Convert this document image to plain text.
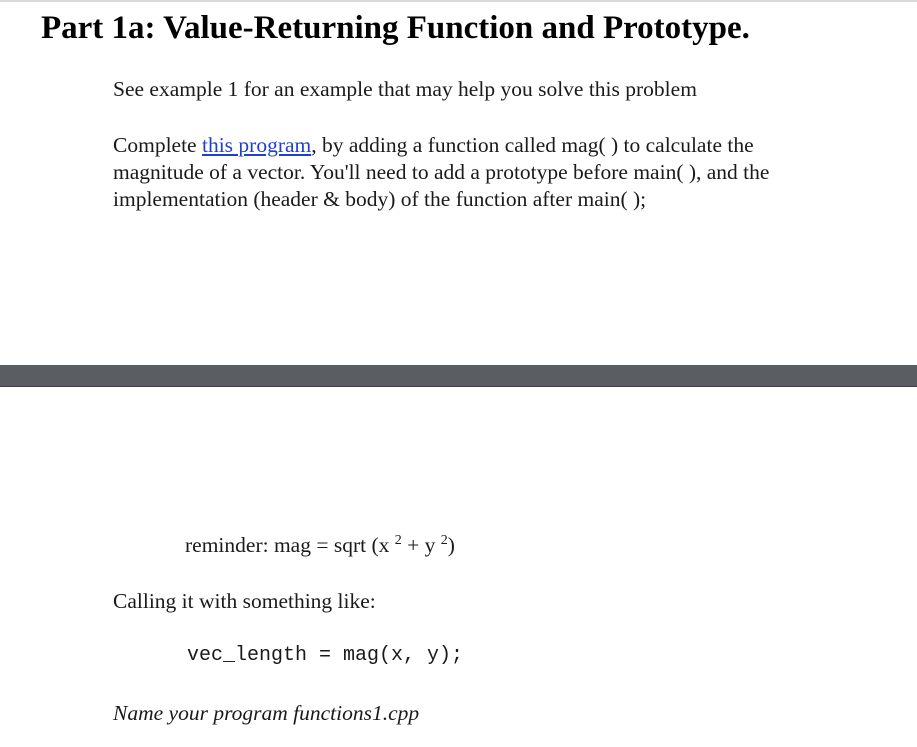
Part 1a: Value-Returning Function and Prototype.

See example 1 for an example that may help you solve this problem

Complete this program, by adding a function called mag( ) to calculate the
magnitude of a vector. You'll need to add a prototype before main( ), and the
implementation (header & body) of the function after main( );

reminder: mag = sqrt (x $^2$ + y $^2$)
Calling it with something like:
vec_length = mag(x, y);
Name your program functions1.cpp
